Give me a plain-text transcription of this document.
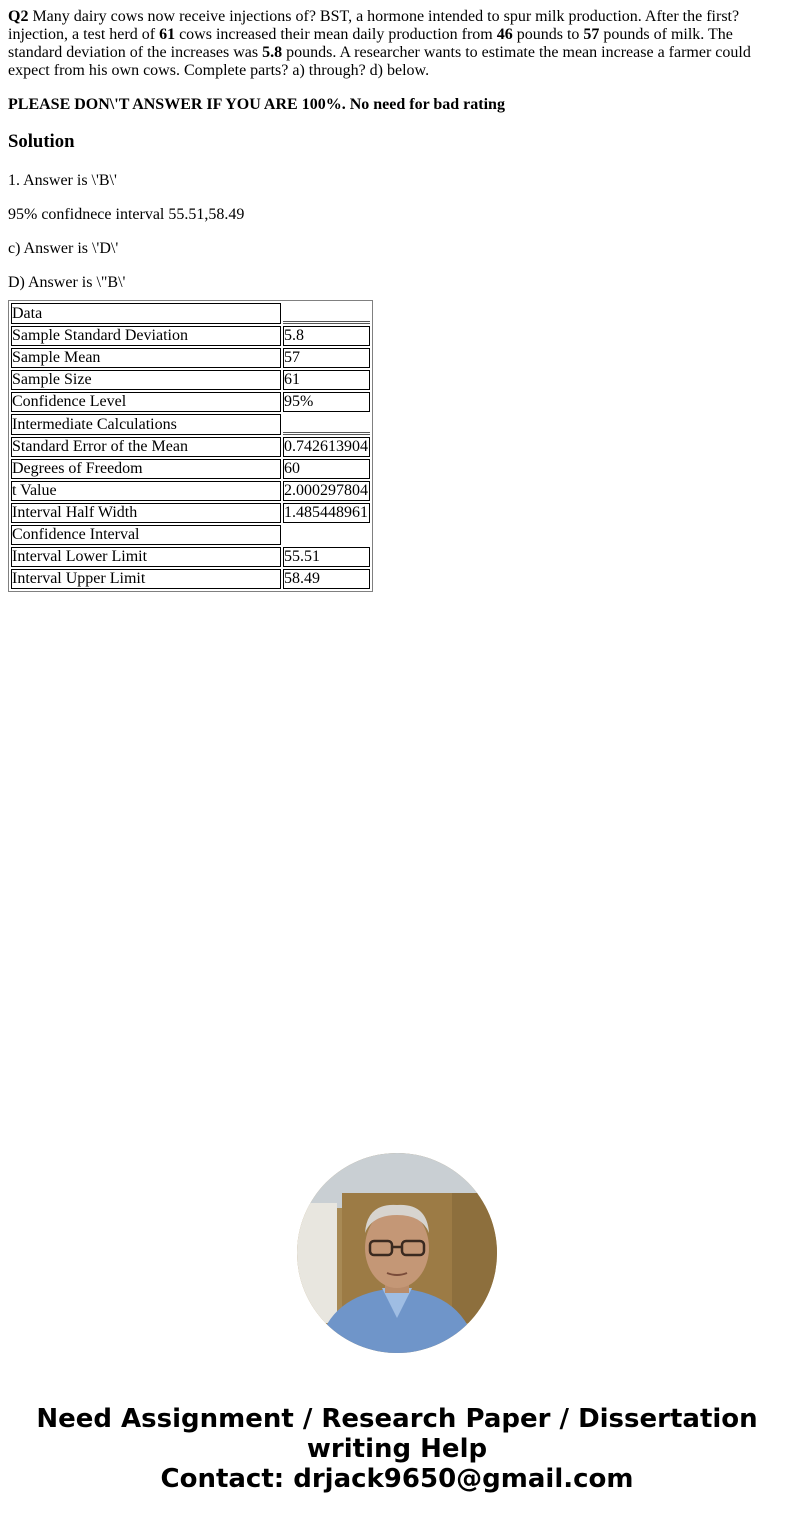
Q2 Many dairy cows now receive injections of? BST, a hormone intended to spur milk production. After the first? injection, a test herd of 61 cows increased their mean daily production from 46 pounds to 57 pounds of milk. The standard deviation of the increases was 5.8 pounds. A researcher wants to estimate the mean increase a farmer could expect from his own cows. Complete parts? a) through? d) below.

PLEASE DON\'T ANSWER IF YOU ARE 100%. No need for bad rating

Solution

1. Answer is \'B\'

95% confidnece interval 55.51,58.49

c) Answer is \'D\'

D) Answer is \"B\'

Data	
Sample Standard Deviation	5.8
Sample Mean	57
Sample Size	61
Confidence Level	95%
Intermediate Calculations	
Standard Error of the Mean	0.742613904
Degrees of Freedom	60
t Value	2.000297804
Interval Half Width	1.485448961
Confidence Interval	
Interval Lower Limit	55.51
Interval Upper Limit	58.49
Need Assignment / Research Paper / Dissertation
writing Help
Contact: drjack9650@gmail.com
